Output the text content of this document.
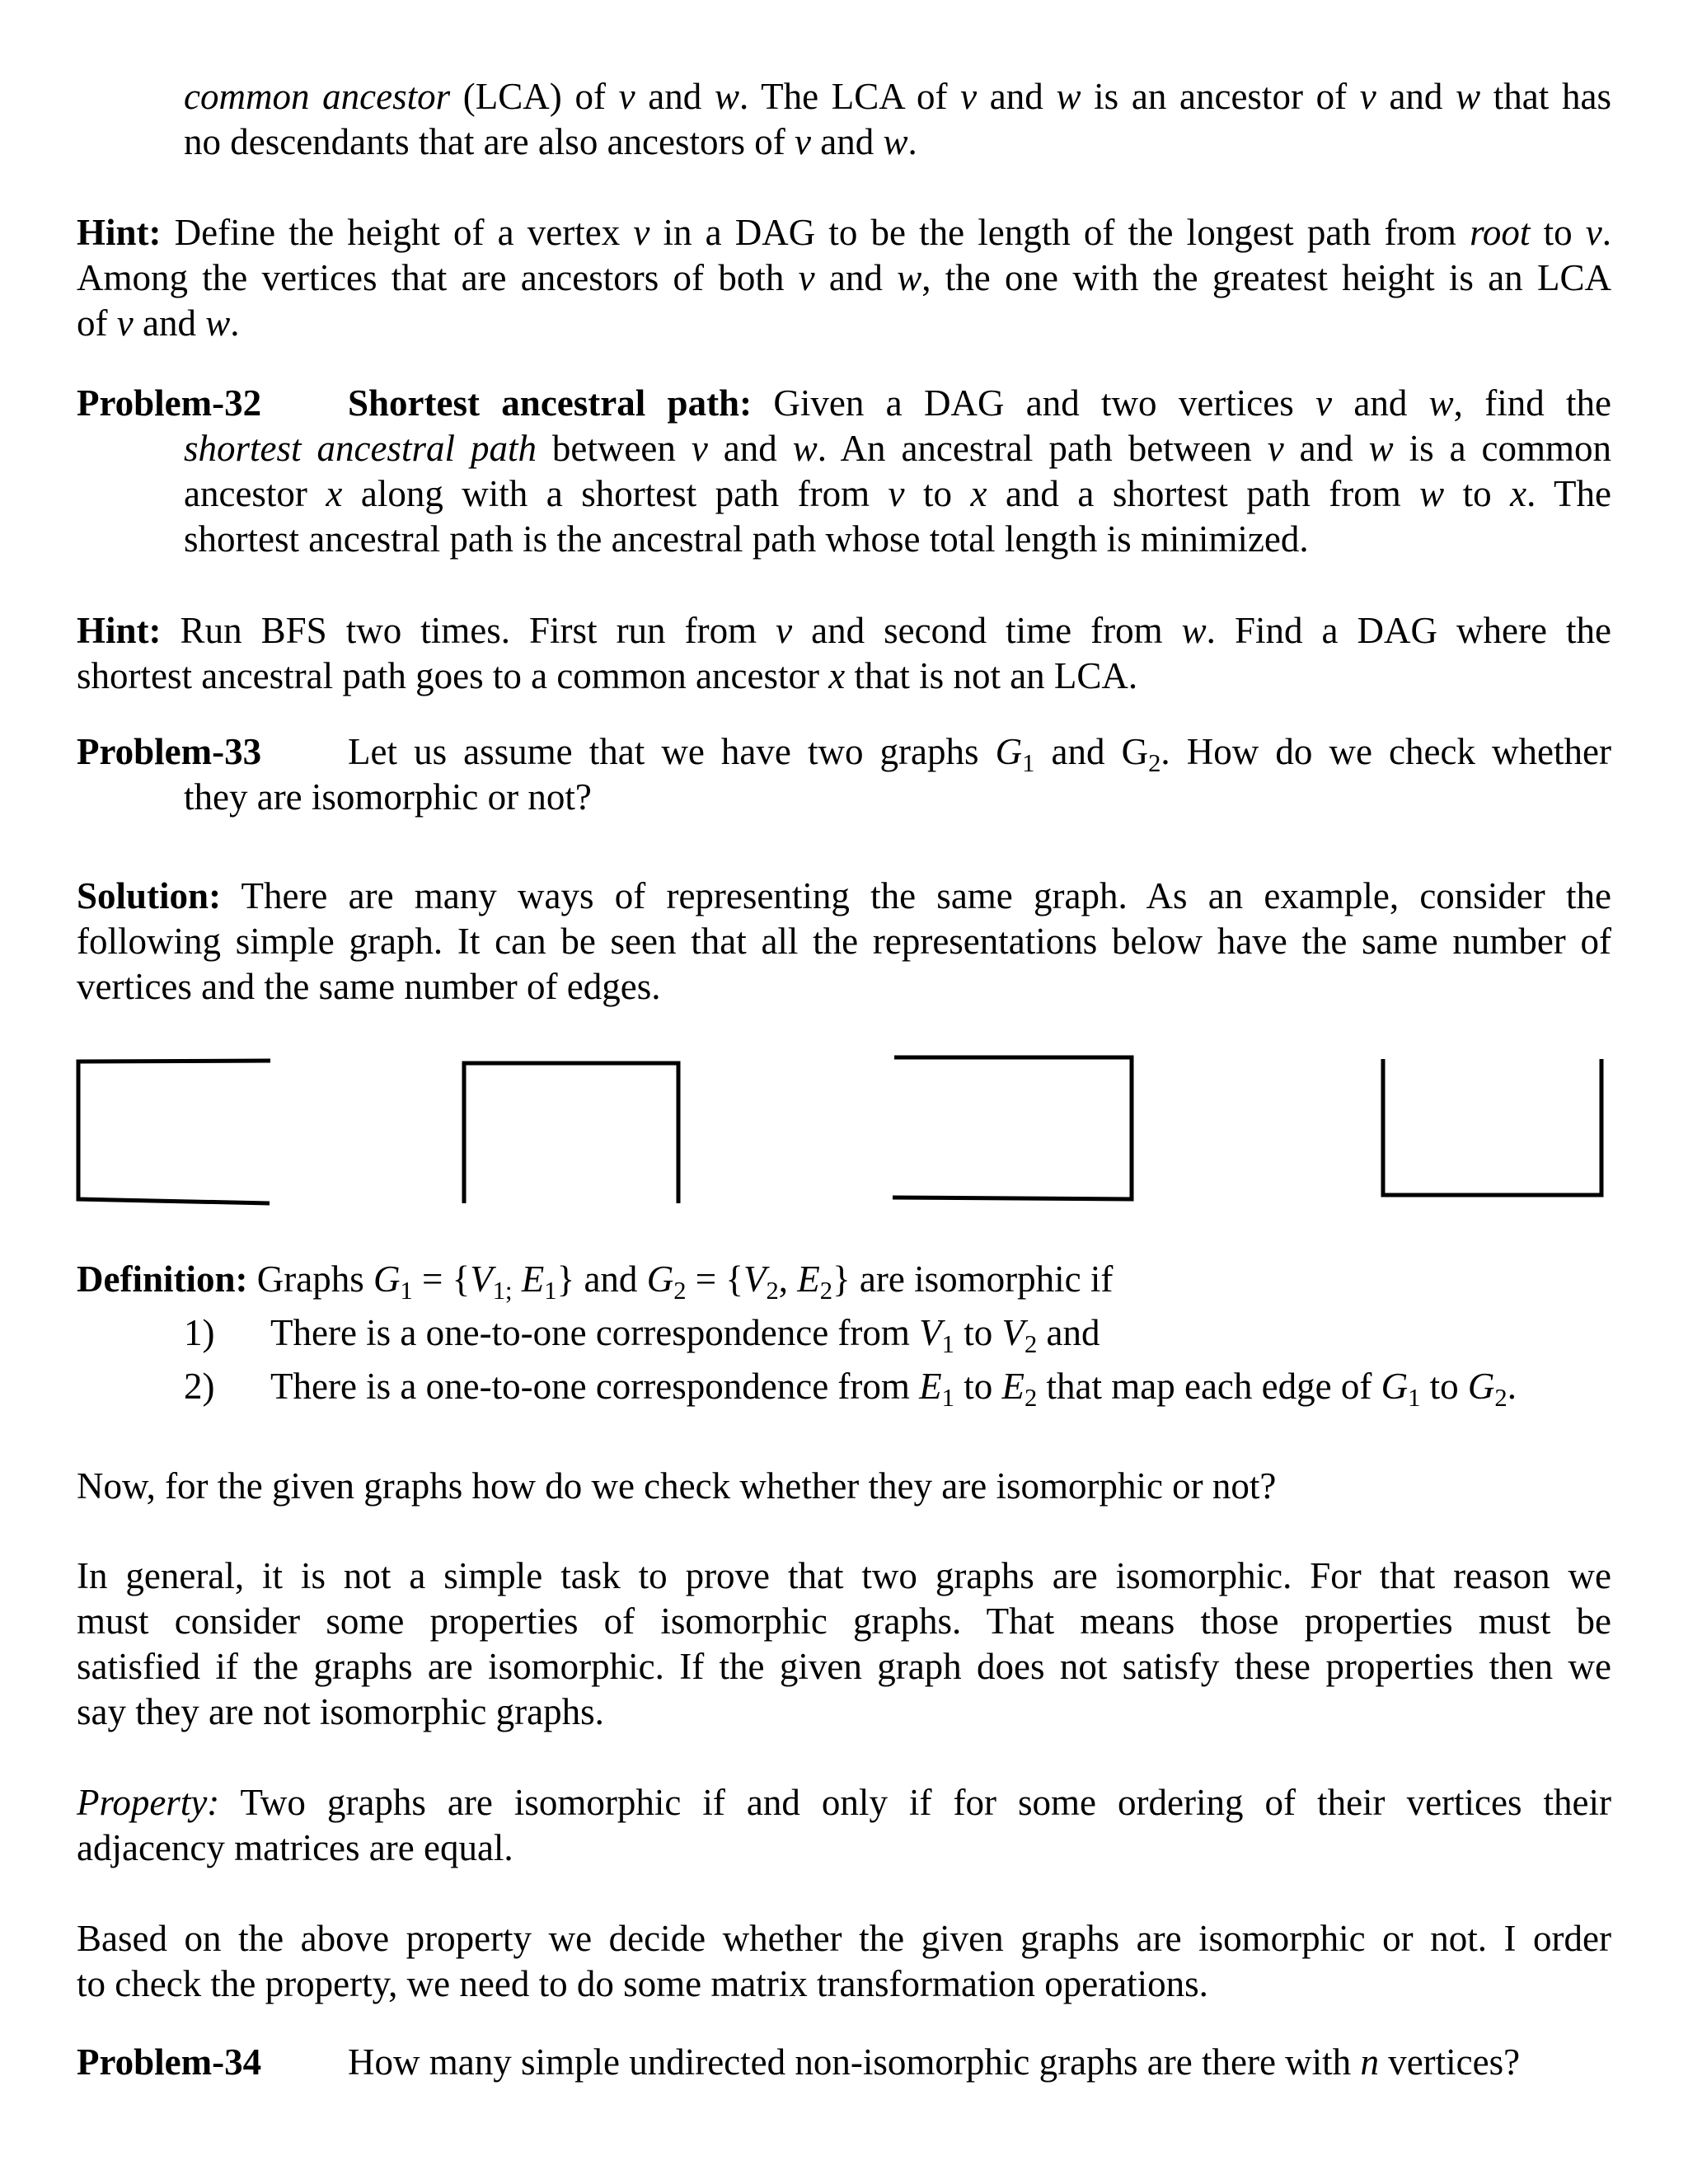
common ancestor (LCA) of v and w. The LCA of v and w is an ancestor of v and w that has
no descendants that are also ancestors of v and w.
Hint: Define the height of a vertex v in a DAG to be the length of the longest path from root to v.
Among the vertices that are ancestors of both v and w, the one with the greatest height is an LCA
of v and w.
Problem-32 Shortest ancestral path: Given a DAG and two vertices v and w, find the
shortest ancestral path between v and w. An ancestral path between v and w is a common
ancestor x along with a shortest path from v to x and a shortest path from w to x. The
shortest ancestral path is the ancestral path whose total length is minimized.
Hint: Run BFS two times. First run from v and second time from w. Find a DAG where the
shortest ancestral path goes to a common ancestor x that is not an LCA.
Problem-33 Let us assume that we have two graphs $G_1$ and $G_2$. How do we check whether
they are isomorphic or not?
Solution: There are many ways of representing the same graph. As an example, consider the
following simple graph. It can be seen that all the representations below have the same number of
vertices and the same number of edges.
Definition: Graphs $G_1 = \{V_{1;}$ $E_1$} and $G_2 = \{V_2$, $E_2$} are isomorphic if
1) There is a one-to-one correspondence from $V_1$ to $V_2$ and
2) There is a one-to-one correspondence from $E_1$ to $E_2$ that map each edge of $G_1$ to $G_2$.
Now, for the given graphs how do we check whether they are isomorphic or not?
In general, it is not a simple task to prove that two graphs are isomorphic. For that reason we
must consider some properties of isomorphic graphs. That means those properties must be
satisfied if the graphs are isomorphic. If the given graph does not satisfy these properties then we
say they are not isomorphic graphs.
Property: Two graphs are isomorphic if and only if for some ordering of their vertices their
adjacency matrices are equal.
Based on the above property we decide whether the given graphs are isomorphic or not. I order
to check the property, we need to do some matrix transformation operations.
Problem-34 How many simple undirected non-isomorphic graphs are there with n vertices?
